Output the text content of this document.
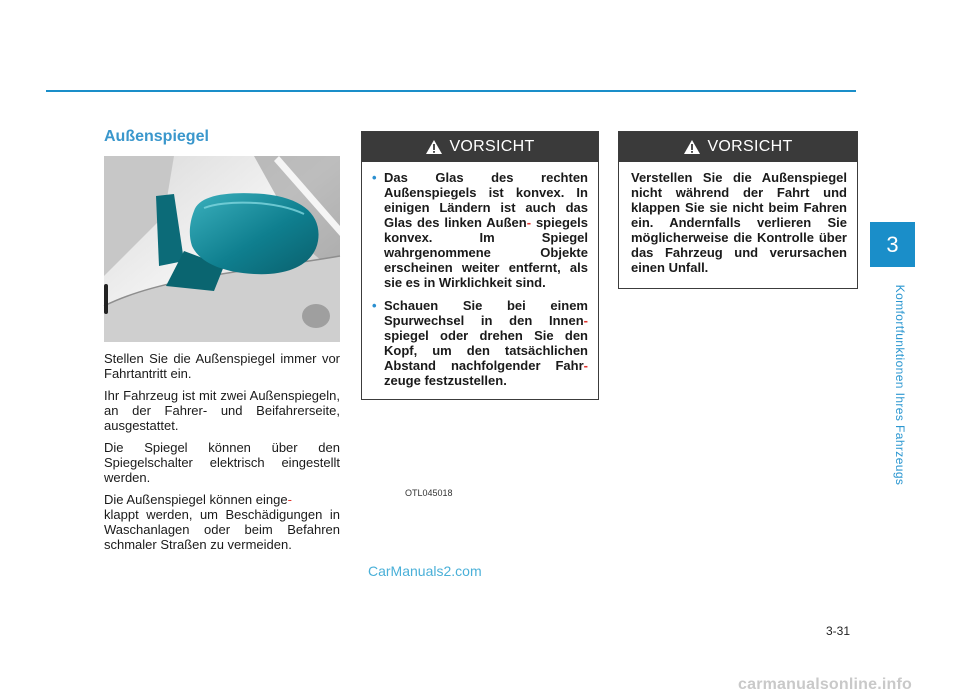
Außenspiegel
OTL045018

Stellen Sie die Außenspiegel immer vor Fahrtantritt ein.

Ihr Fahrzeug ist mit zwei Außenspiegeln, an der Fahrer- und Beifahrerseite, ausgestattet.

Die Spiegel können über den Spiegelschalter elektrisch eingestellt werden.

Die Außenspiegel können einge-
klappt werden, um Beschädigungen in Waschanlagen oder beim Befahren schmaler Straßen zu vermeiden.

VORSICHT
• Das Glas des rechten Außenspiegels ist konvex. In einigen Ländern ist auch das Glas des linken Außen- spiegels konvex. Im Spiegel wahrgenommene Objekte erscheinen weiter entfernt, als sie es in Wirklichkeit sind.
• Schauen Sie bei einem Spurwechsel in den Innen- spiegel oder drehen Sie den Kopf, um den tatsächlichen Abstand nachfolgender Fahr- zeuge festzustellen.
VORSICHT
Verstellen Sie die Außenspiegel nicht während der Fahrt und klappen Sie sie nicht beim Fahren ein. Andernfalls verlieren Sie möglicherweise die Kontrolle über das Fahrzeug und verursachen einen Unfall.
3
Komfortfunktionen Ihres Fahrzeugs
CarManuals2.com
3-31
carmanualsonline.info
